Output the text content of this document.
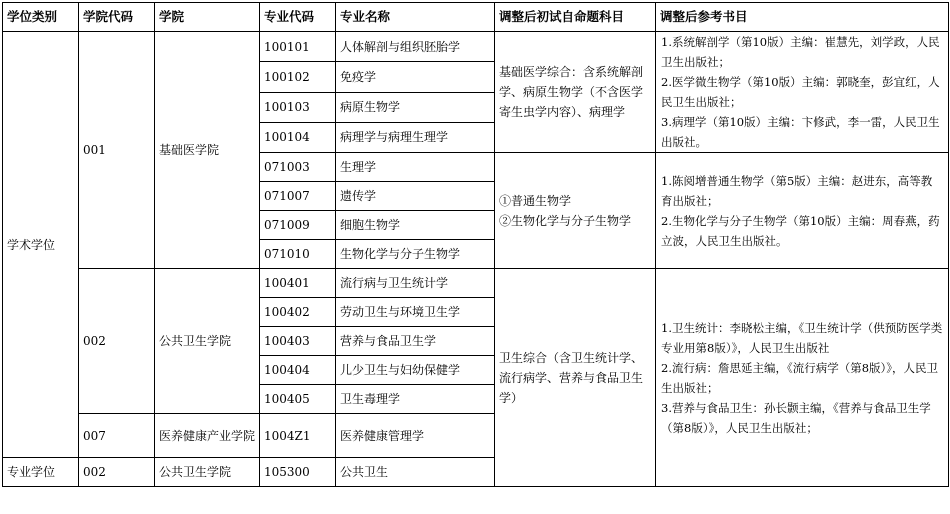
学位类别	学院代码	学院	专业代码	专业名称	调整后初试自命题科目	调整后参考书目
学术学位	001	基础医学院	100101	人体解剖与组织胚胎学	基础医学综合：含系统解剖学、病原生物学（不含医学寄生虫学内容）、病理学	1.系统解剖学（第10版）主编：崔慧先，刘学政，人民卫生出版社；
2.医学微生物学（第10版）主编：郭晓奎，彭宜红，人民卫生出版社；
3.病理学（第10版）主编：卞修武，李一雷，人民卫生出版社。
			100102	免疫学		
			100103	病原生物学		
			100104	病理学与病理生理学		
			071003	生理学	①普通生物学
②生物化学与分子生物学	1.陈阅增普通生物学（第5版）主编：赵进东，高等教育出版社；
2.生物化学与分子生物学（第10版）主编：周春燕，药立波，人民卫生出版社。
			071007	遗传学		
			071009	细胞生物学		
			071010	生物化学与分子生物学		
	002	公共卫生学院	100401	流行病与卫生统计学	卫生综合（含卫生统计学、流行病学、营养与食品卫生学）	1.卫生统计：李晓松主编，《卫生统计学（供预防医学类专业用第8版）》，人民卫生出版社
2.流行病：詹思延主编，《流行病学（第8版）》，人民卫生出版社；
3.营养与食品卫生：孙长颢主编，《营养与食品卫生学（第8版）》，人民卫生出版社；
			100402	劳动卫生与环境卫生学		
			100403	营养与食品卫生学		
			100404	儿少卫生与妇幼保健学		
			100405	卫生毒理学		
	007	医养健康产业学院	1004Z1	医养健康管理学		
专业学位	002	公共卫生学院	105300	公共卫生		
